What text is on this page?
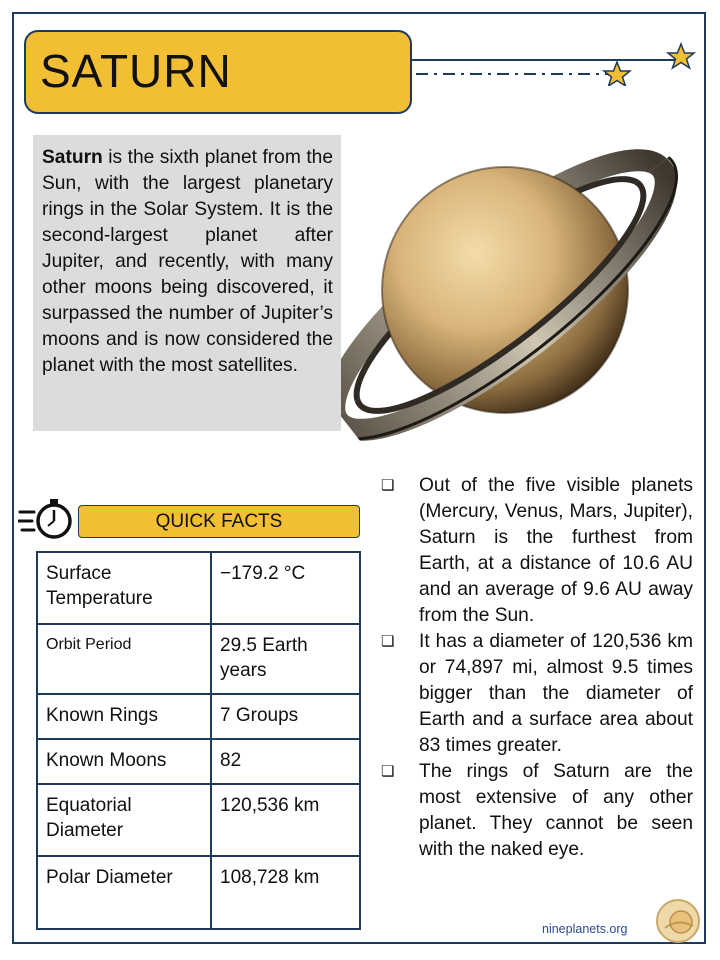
SATURN
Saturn is the sixth planet from the Sun, with the largest planetary rings in the Solar System. It is the second-largest planet after Jupiter, and recently, with many other moons being discovered, it surpassed the number of Jupiter’s moons and is now considered the planet with the most satellites.
QUICK FACTS
Surface Temperature	−179.2 °C
Orbit Period	29.5 Earth years
Known Rings	7 Groups
Known Moons	82
Equatorial Diameter	120,536 km
Polar Diameter	108,728 km
❏ Out of the five visible planets (Mercury, Venus, Mars, Jupiter), Saturn is the furthest from Earth, at a distance of 10.6 AU and an average of 9.6 AU away from the Sun.
❏ It has a diameter of 120,536 km or 74,897 mi, almost 9.5 times bigger than the diameter of Earth and a surface area about 83 times greater.
❏ The rings of Saturn are the most extensive of any other planet. They cannot be seen with the naked eye.
nineplanets.org
